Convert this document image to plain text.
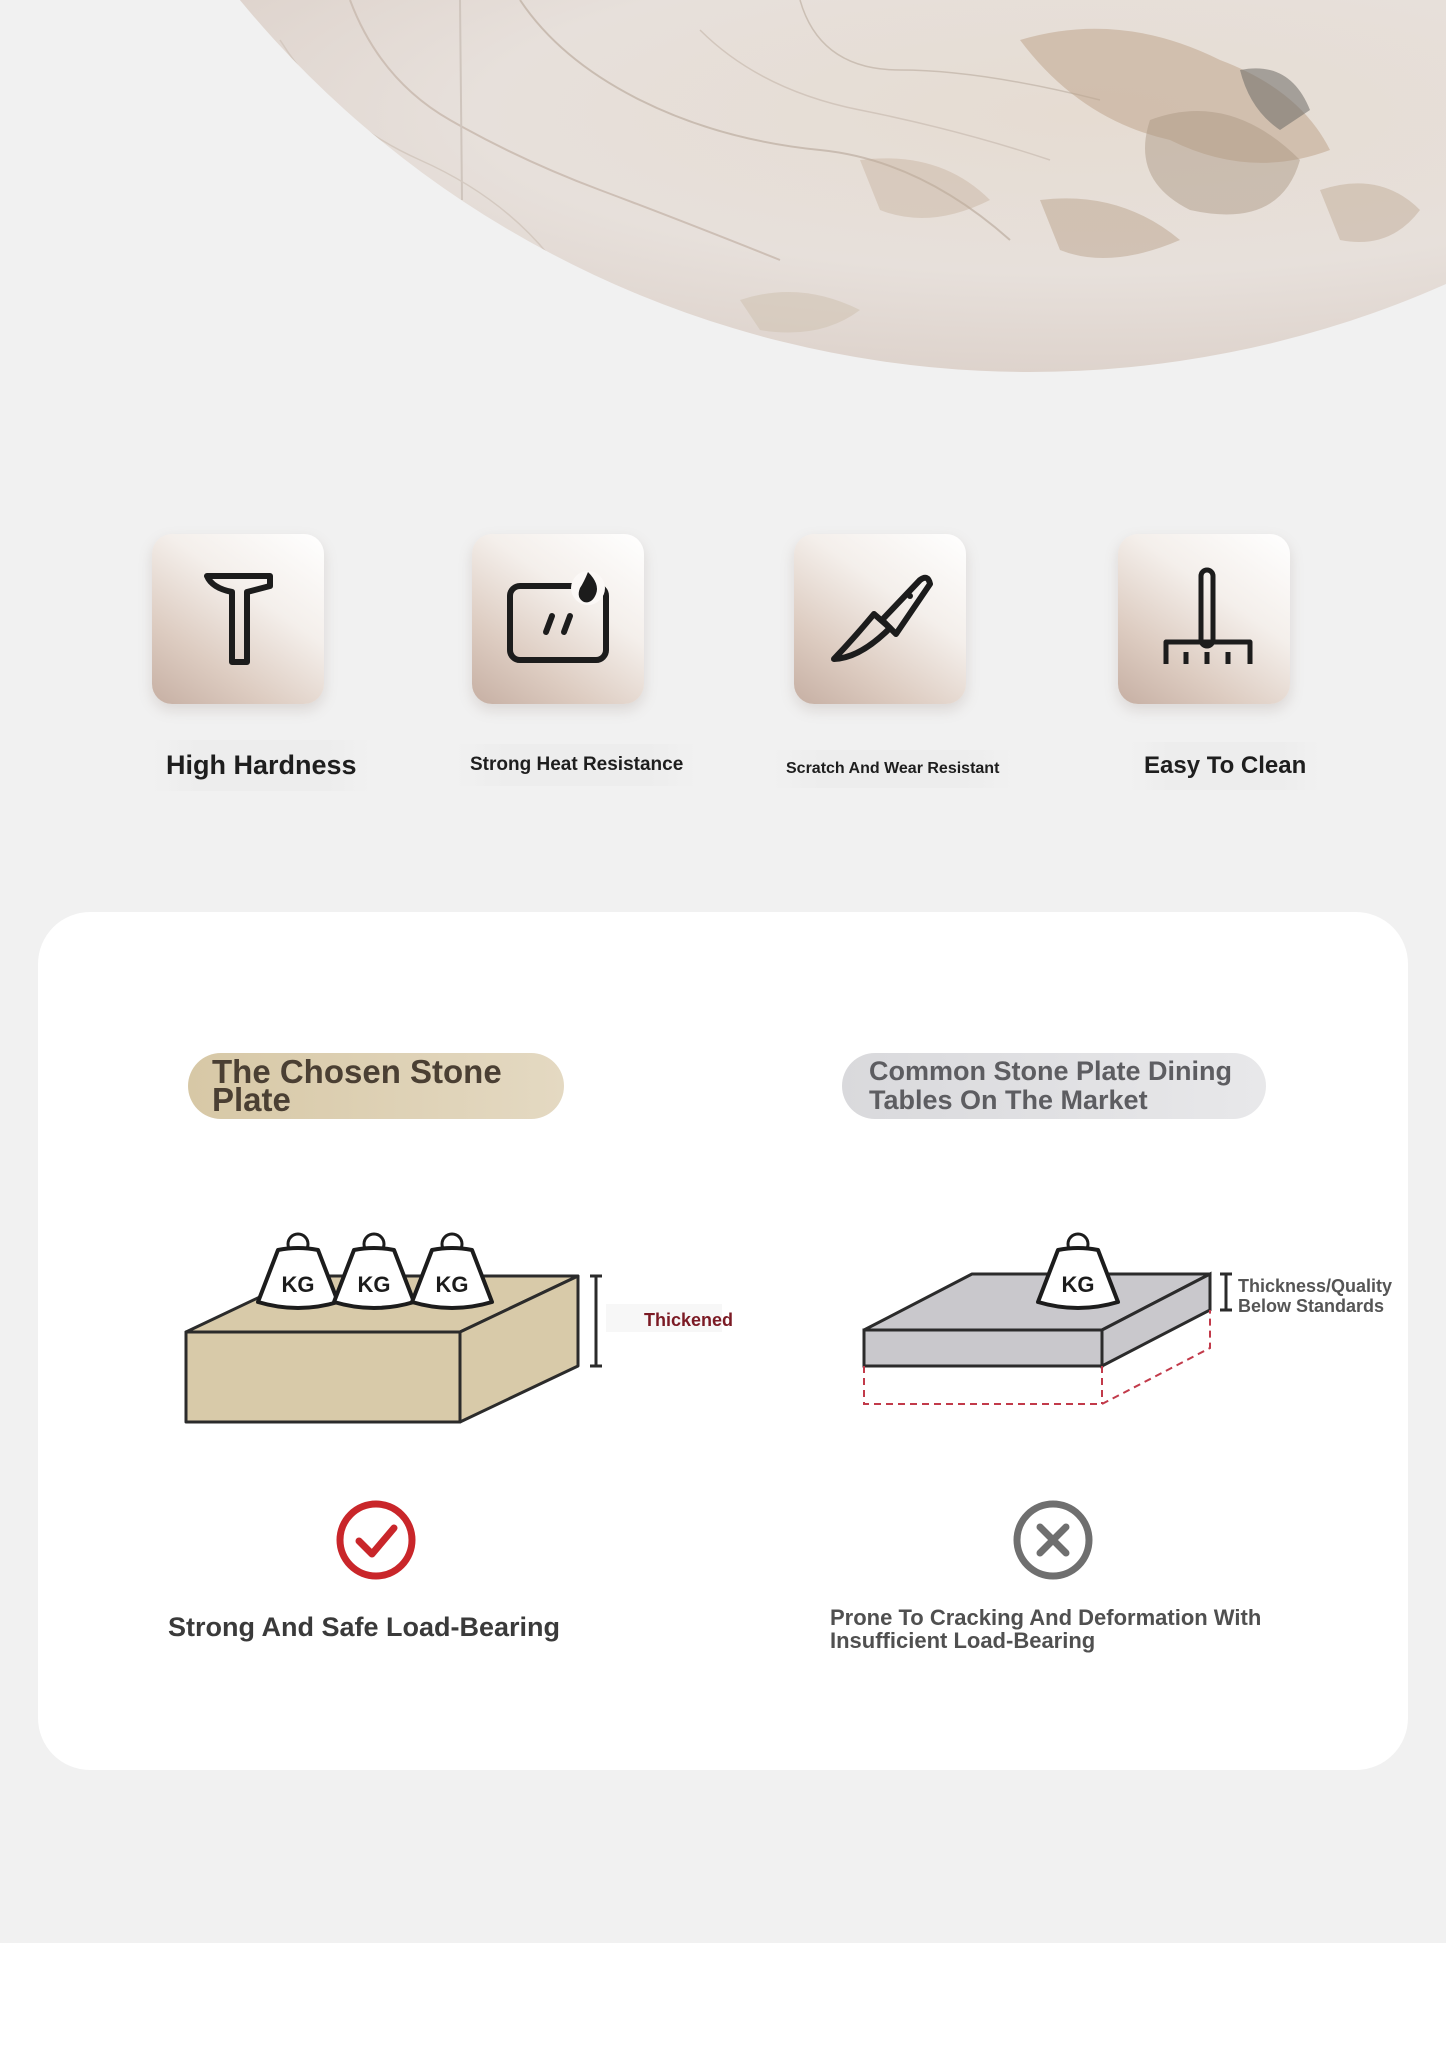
High Hardness	Strong Heat Resistance	Scratch And Wear Resistant	Easy To Clean
The Chosen Stone
Plate
Common Stone Plate Dining
Tables On The Market
KG KG KG
Thickened
KG	Thickness/Quality
Below Standards
Strong And Safe Load-Bearing	Prone To Cracking And Deformation With
Insufficient Load-Bearing
